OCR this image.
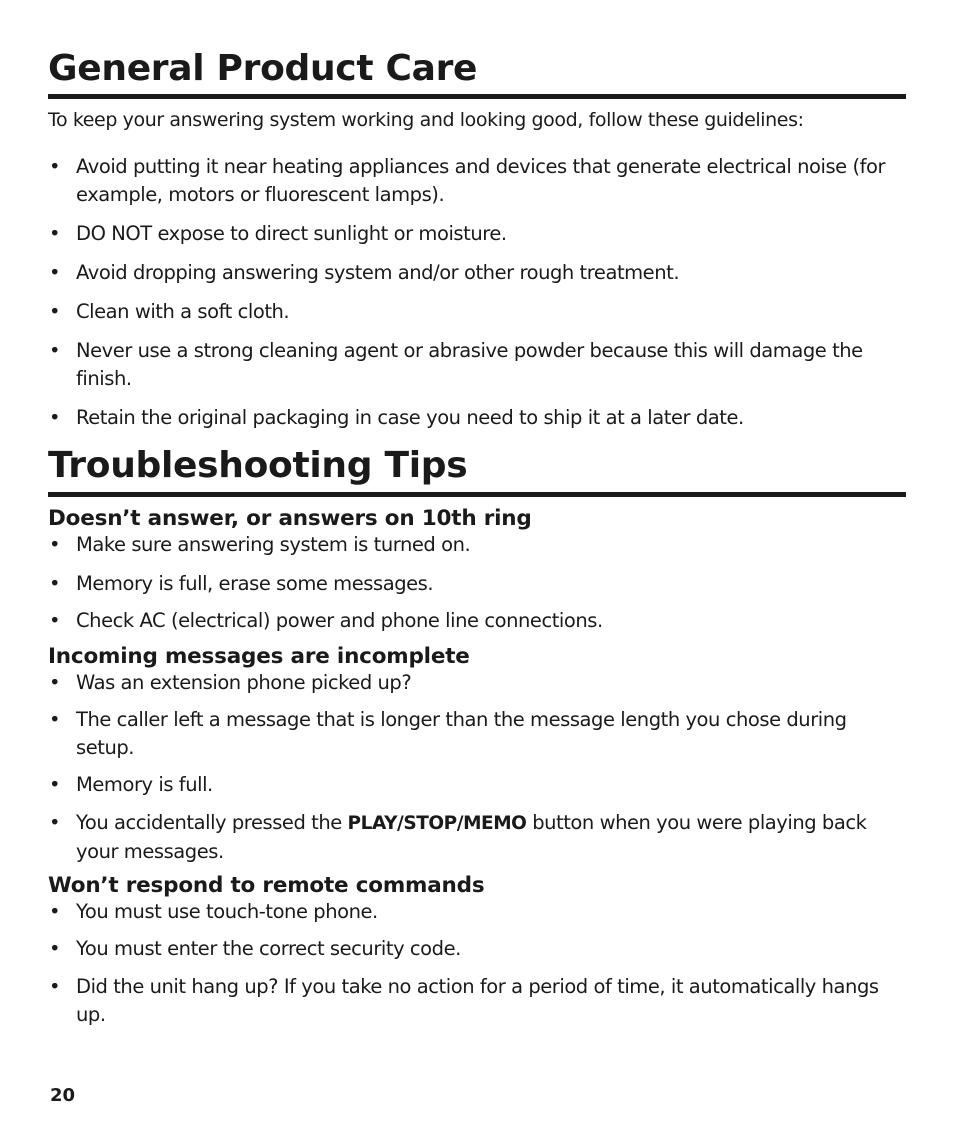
General Product Care

To keep your answering system working and looking good, follow these guidelines:

• Avoid putting it near heating appliances and devices that generate electrical noise (for example, motors or fluorescent lamps).
• DO NOT expose to direct sunlight or moisture.
• Avoid dropping answering system and/or other rough treatment.
• Clean with a soft cloth.
• Never use a strong cleaning agent or abrasive powder because this will damage the finish.
• Retain the original packaging in case you need to ship it at a later date.
Troubleshooting Tips
Doesn’t answer, or answers on 10th ring
• Make sure answering system is turned on.
• Memory is full, erase some messages.
• Check AC (electrical) power and phone line connections.
Incoming messages are incomplete
• Was an extension phone picked up?
• The caller left a message that is longer than the message length you chose during setup.
• Memory is full.
• You accidentally pressed the PLAY/STOP/MEMO button when you were playing back your messages.
Won’t respond to remote commands
• You must use touch-tone phone.
• You must enter the correct security code.
• Did the unit hang up? If you take no action for a period of time, it automatically hangs up.
20
